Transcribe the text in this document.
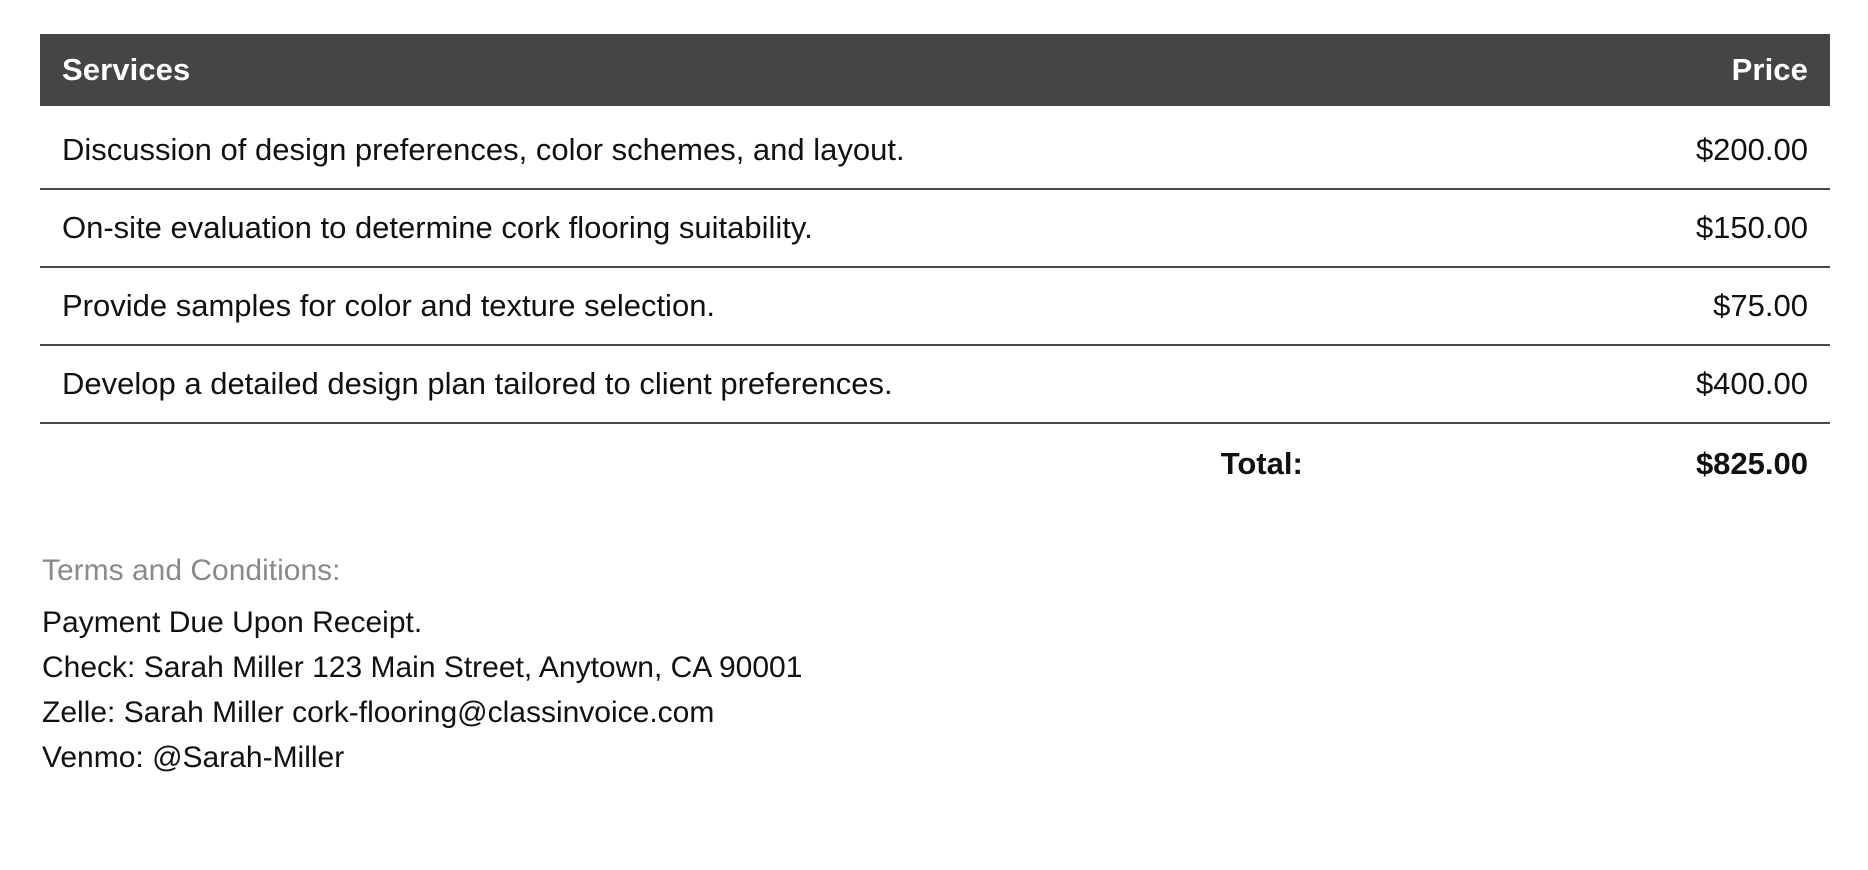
Services	Price
Discussion of design preferences, color schemes, and layout.	$200.00
On-site evaluation to determine cork flooring suitability.	$150.00
Provide samples for color and texture selection.	$75.00
Develop a detailed design plan tailored to client preferences.	$400.00
Total:	$825.00
Terms and Conditions:
Payment Due Upon Receipt.
Check: Sarah Miller 123 Main Street, Anytown, CA 90001
Zelle: Sarah Miller cork-flooring@classinvoice.com
Venmo: @Sarah-Miller
